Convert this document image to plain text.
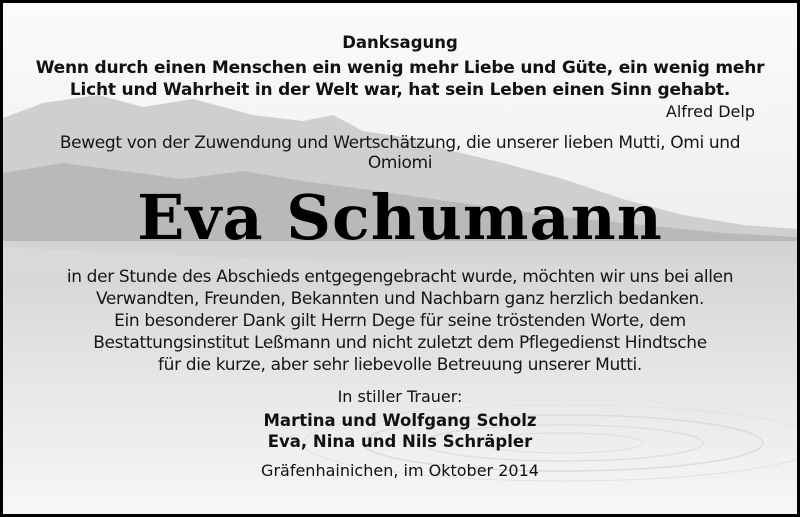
Danksagung
Wenn durch einen Menschen ein wenig mehr Liebe und Güte, ein wenig mehr
Licht und Wahrheit in der Welt war, hat sein Leben einen Sinn gehabt.
Alfred Delp
Bewegt von der Zuwendung und Wertschätzung, die unserer lieben Mutti, Omi und
Omiomi
Eva Schumann
in der Stunde des Abschieds entgegengebracht wurde, möchten wir uns bei allen
Verwandten, Freunden, Bekannten und Nachbarn ganz herzlich bedanken.
Ein besonderer Dank gilt Herrn Dege für seine tröstenden Worte, dem
Bestattungsinstitut Leßmann und nicht zuletzt dem Pflegedienst Hindtsche
für die kurze, aber sehr liebevolle Betreuung unserer Mutti.
In stiller Trauer:
Martina und Wolfgang Scholz
Eva, Nina und Nils Schräpler
Gräfenhainichen, im Oktober 2014
